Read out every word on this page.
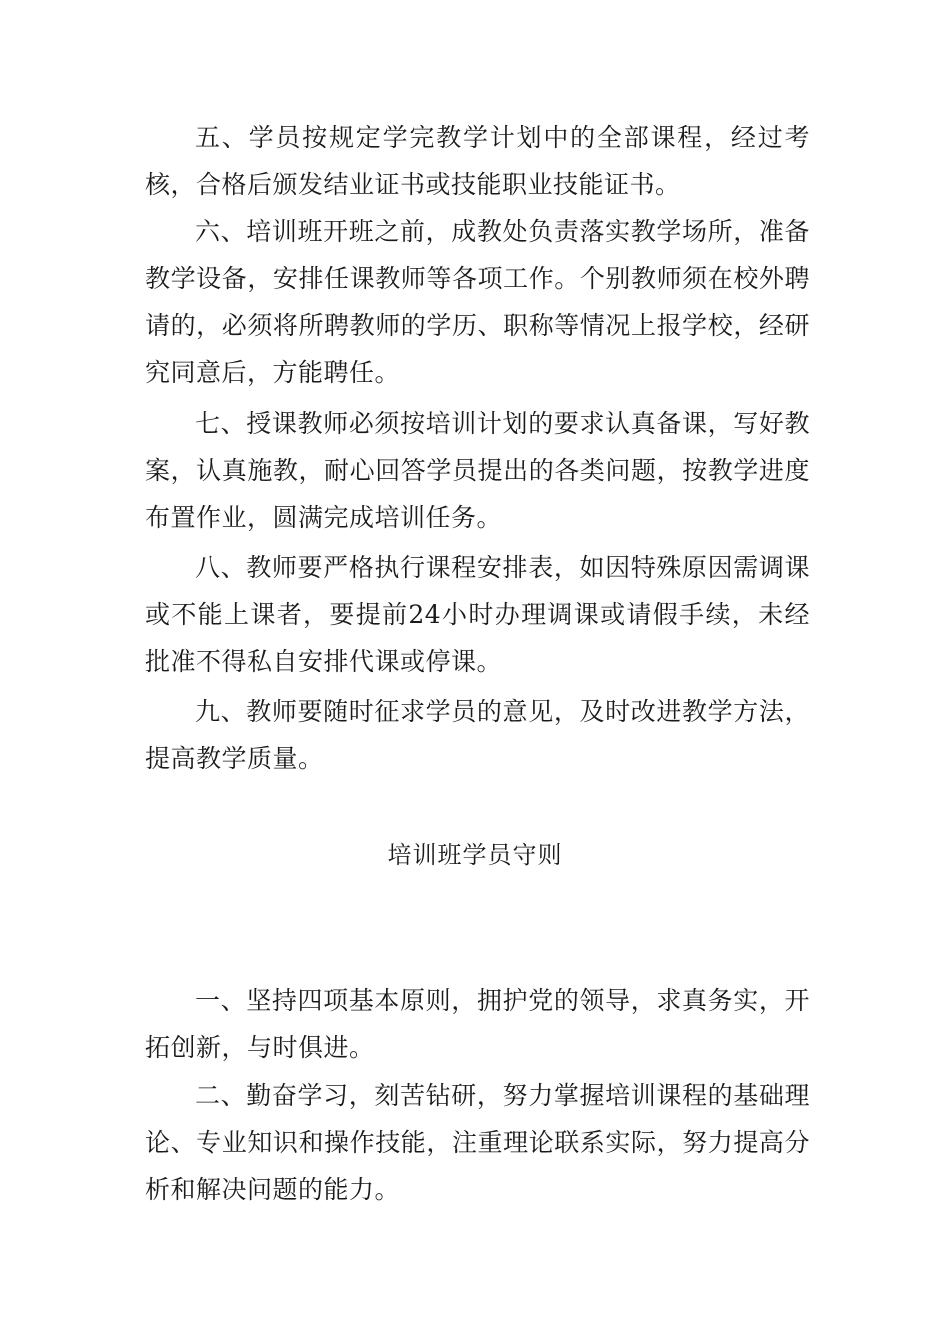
五、学员按规定学完教学计划中的全部课程，经过考核，合格后颁发结业证书或技能职业技能证书。

六、培训班开班之前，成教处负责落实教学场所，准备教学设备，安排任课教师等各项工作。个别教师须在校外聘请的，必须将所聘教师的学历、职称等情况上报学校，经研究同意后，方能聘任。

七、授课教师必须按培训计划的要求认真备课，写好教案，认真施教，耐心回答学员提出的各类问题，按教学进度布置作业，圆满完成培训任务。

八、教师要严格执行课程安排表，如因特殊原因需调课或不能上课者，要提前24小时办理调课或请假手续，未经批准不得私自安排代课或停课。

九、教师要随时征求学员的意见，及时改进教学方法，提高教学质量。

培训班学员守则

一、坚持四项基本原则，拥护党的领导，求真务实，开拓创新，与时俱进。

二、勤奋学习，刻苦钻研，努力掌握培训课程的基础理论、专业知识和操作技能，注重理论联系实际，努力提高分析和解决问题的能力。
